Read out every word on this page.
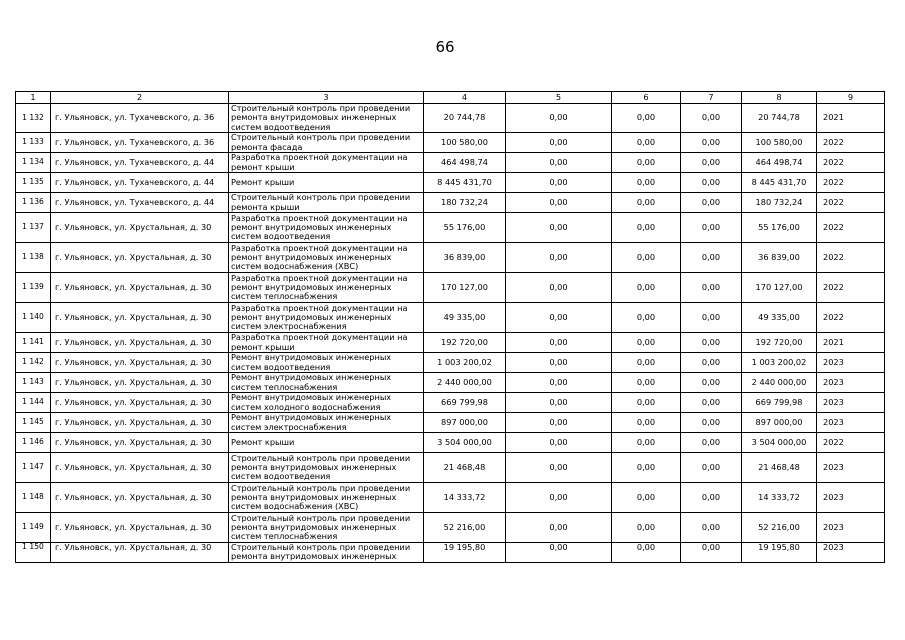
66
1	2	3	4	5	6	7	8	9
1 132	г. Ульяновск, ул. Тухачевского, д. 36	Строительный контроль при проведении ремонта внутридомовых инженерных систем водоотведения	20 744,78	0,00	0,00	0,00	20 744,78	2021
1 133	г. Ульяновск, ул. Тухачевского, д. 36	Строительный контроль при проведении ремонта фасада	100 580,00	0,00	0,00	0,00	100 580,00	2022
1 134	г. Ульяновск, ул. Тухачевского, д. 44	Разработка проектной документации на ремонт крыши	464 498,74	0,00	0,00	0,00	464 498,74	2022
1 135	г. Ульяновск, ул. Тухачевского, д. 44	Ремонт крыши	8 445 431,70	0,00	0,00	0,00	8 445 431,70	2022
1 136	г. Ульяновск, ул. Тухачевского, д. 44	Строительный контроль при проведении ремонта крыши	180 732,24	0,00	0,00	0,00	180 732,24	2022
1 137	г. Ульяновск, ул. Хрустальная, д. 30	Разработка проектной документации на ремонт внутридомовых инженерных систем водоотведения	55 176,00	0,00	0,00	0,00	55 176,00	2022
1 138	г. Ульяновск, ул. Хрустальная, д. 30	Разработка проектной документации на ремонт внутридомовых инженерных систем водоснабжения (ХВС)	36 839,00	0,00	0,00	0,00	36 839,00	2022
1 139	г. Ульяновск, ул. Хрустальная, д. 30	Разработка проектной документации на ремонт внутридомовых инженерных систем теплоснабжения	170 127,00	0,00	0,00	0,00	170 127,00	2022
1 140	г. Ульяновск, ул. Хрустальная, д. 30	Разработка проектной документации на ремонт внутридомовых инженерных систем электроснабжения	49 335,00	0,00	0,00	0,00	49 335,00	2022
1 141	г. Ульяновск, ул. Хрустальная, д. 30	Разработка проектной документации на ремонт крыши	192 720,00	0,00	0,00	0,00	192 720,00	2021
1 142	г. Ульяновск, ул. Хрустальная, д. 30	Ремонт внутридомовых инженерных систем водоотведения	1 003 200,02	0,00	0,00	0,00	1 003 200,02	2023
1 143	г. Ульяновск, ул. Хрустальная, д. 30	Ремонт внутридомовых инженерных систем теплоснабжения	2 440 000,00	0,00	0,00	0,00	2 440 000,00	2023
1 144	г. Ульяновск, ул. Хрустальная, д. 30	Ремонт внутридомовых инженерных систем холодного водоснабжения	669 799,98	0,00	0,00	0,00	669 799,98	2023
1 145	г. Ульяновск, ул. Хрустальная, д. 30	Ремонт внутридомовых инженерных систем электроснабжения	897 000,00	0,00	0,00	0,00	897 000,00	2023
1 146	г. Ульяновск, ул. Хрустальная, д. 30	Ремонт крыши	3 504 000,00	0,00	0,00	0,00	3 504 000,00	2022
1 147	г. Ульяновск, ул. Хрустальная, д. 30	Строительный контроль при проведении ремонта внутридомовых инженерных систем водоотведения	21 468,48	0,00	0,00	0,00	21 468,48	2023
1 148	г. Ульяновск, ул. Хрустальная, д. 30	Строительный контроль при проведении ремонта внутридомовых инженерных систем водоснабжения (ХВС)	14 333,72	0,00	0,00	0,00	14 333,72	2023
1 149	г. Ульяновск, ул. Хрустальная, д. 30	Строительный контроль при проведении ремонта внутридомовых инженерных систем теплоснабжения	52 216,00	0,00	0,00	0,00	52 216,00	2023
1 150	г. Ульяновск, ул. Хрустальная, д. 30	Строительный контроль при проведении ремонта внутридомовых инженерных	19 195,80	0,00	0,00	0,00	19 195,80	2023
